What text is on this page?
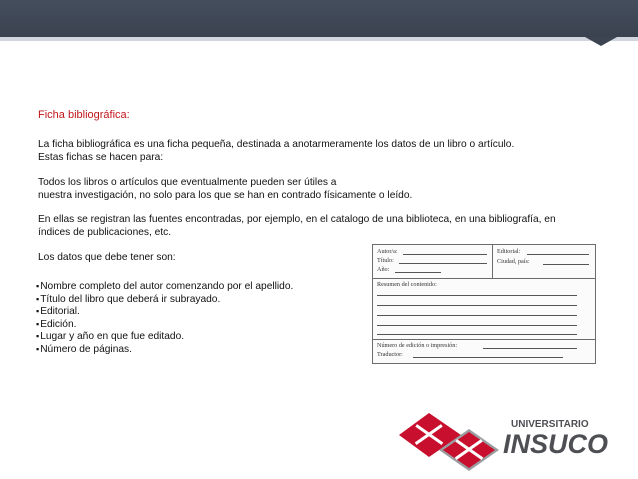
Ficha bibliográfica:
La ficha bibliográfica es una ficha pequeña, destinada a anotarmeramente los datos de un libro o artículo.
Estas fichas se hacen para:
Todos los libros o artículos que eventualmente pueden ser útiles a
nuestra investigación, no solo para los que se han en contrado físicamente o leído.
En ellas se registran las fuentes encontradas, por ejemplo, en el catalogo de una biblioteca, en una bibliografía, en
índices de publicaciones, etc.
Los datos que debe tener son:
▪ Nombre completo del autor comenzando por el apellido.
▪ Título del libro que deberá ir subrayado.
▪ Editorial.
▪ Edición.
▪ Lugar y año en que fue editado.
▪ Número de páginas.
Autor/a:
Título:
Año:
Editorial:
Ciudad, país:
Resumen del contenido:
Número de edición o impresión:
Traductor:
UNIVERSITARIO
INSUCO
